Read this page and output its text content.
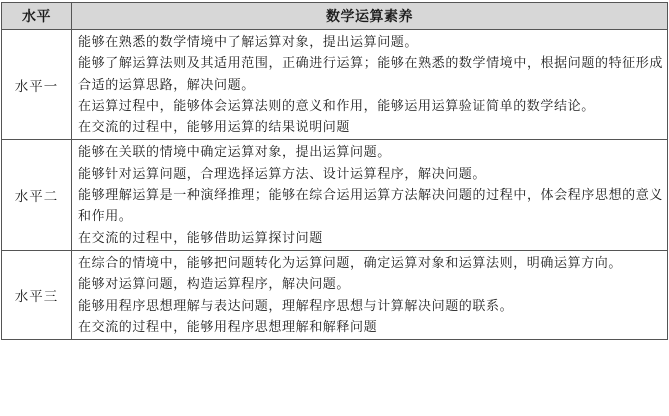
水平	数学运算素养
水平一	能够在熟悉的数学情境中了解运算对象，提出运算问题。

能够了解运算法则及其适用范围，正确进行运算；能够在熟悉的数学情境中，根据问题的特征形成合适的运算思路，解决问题。

在运算过程中，能够体会运算法则的意义和作用，能够运用运算验证简单的数学结论。

在交流的过程中，能够用运算的结果说明问题

水平二	能够在关联的情境中确定运算对象，提出运算问题。

能够针对运算问题，合理选择运算方法、设计运算程序，解决问题。

能够理解运算是一种演绎推理；能够在综合运用运算方法解决问题的过程中，体会程序思想的意义和作用。

在交流的过程中，能够借助运算探讨问题

水平三	在综合的情境中，能够把问题转化为运算问题，确定运算对象和运算法则，明确运算方向。

能够对运算问题，构造运算程序，解决问题。

能够用程序思想理解与表达问题，理解程序思想与计算解决问题的联系。

在交流的过程中，能够用程序思想理解和解释问题
